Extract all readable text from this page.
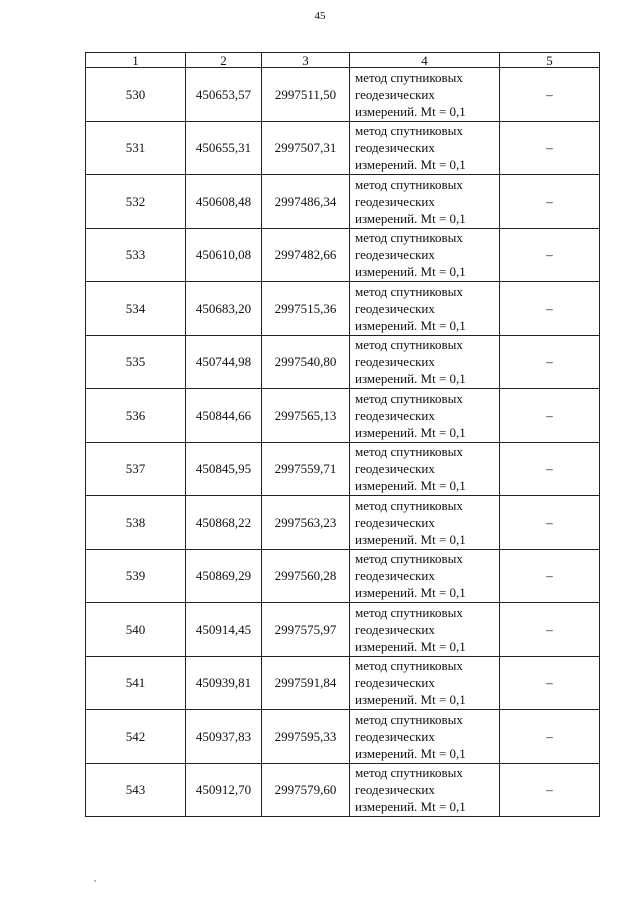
45
1	2	3	4	5
530	450653,57	2997511,50	метод спутниковых
геодезических
измерений. Mt = 0,1	–
531	450655,31	2997507,31	метод спутниковых
геодезических
измерений. Mt = 0,1	–
532	450608,48	2997486,34	метод спутниковых
геодезических
измерений. Mt = 0,1	–
533	450610,08	2997482,66	метод спутниковых
геодезических
измерений. Mt = 0,1	–
534	450683,20	2997515,36	метод спутниковых
геодезических
измерений. Mt = 0,1	–
535	450744,98	2997540,80	метод спутниковых
геодезических
измерений. Mt = 0,1	–
536	450844,66	2997565,13	метод спутниковых
геодезических
измерений. Mt = 0,1	–
537	450845,95	2997559,71	метод спутниковых
геодезических
измерений. Mt = 0,1	–
538	450868,22	2997563,23	метод спутниковых
геодезических
измерений. Mt = 0,1	–
539	450869,29	2997560,28	метод спутниковых
геодезических
измерений. Mt = 0,1	–
540	450914,45	2997575,97	метод спутниковых
геодезических
измерений. Mt = 0,1	–
541	450939,81	2997591,84	метод спутниковых
геодезических
измерений. Mt = 0,1	–
542	450937,83	2997595,33	метод спутниковых
геодезических
измерений. Mt = 0,1	–
543	450912,70	2997579,60	метод спутниковых
геодезических
измерений. Mt = 0,1	–
